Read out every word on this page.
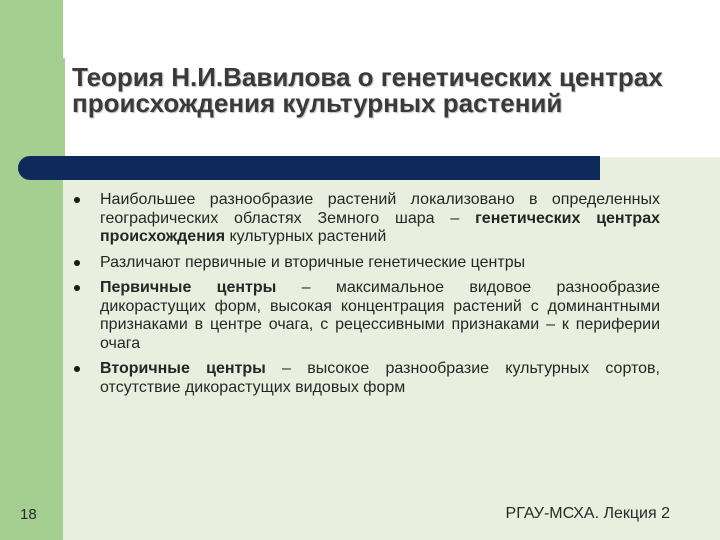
Теория Н.И.Вавилова о генетических центрах происхождения культурных растений
Наибольшее разнообразие растений локализовано в определенных географических областях Земного шара – генетических центрах происхождения культурных растений
Различают первичные и вторичные генетические центры
Первичные центры – максимальное видовое разнообразие дикорастущих форм, высокая концентрация растений с доминантными признаками в центре очага, с рецессивными признаками – к периферии очага
Вторичные центры – высокое разнообразие культурных сортов, отсутствие дикорастущих видовых форм
18	РГАУ-МСХА. Лекция 2
